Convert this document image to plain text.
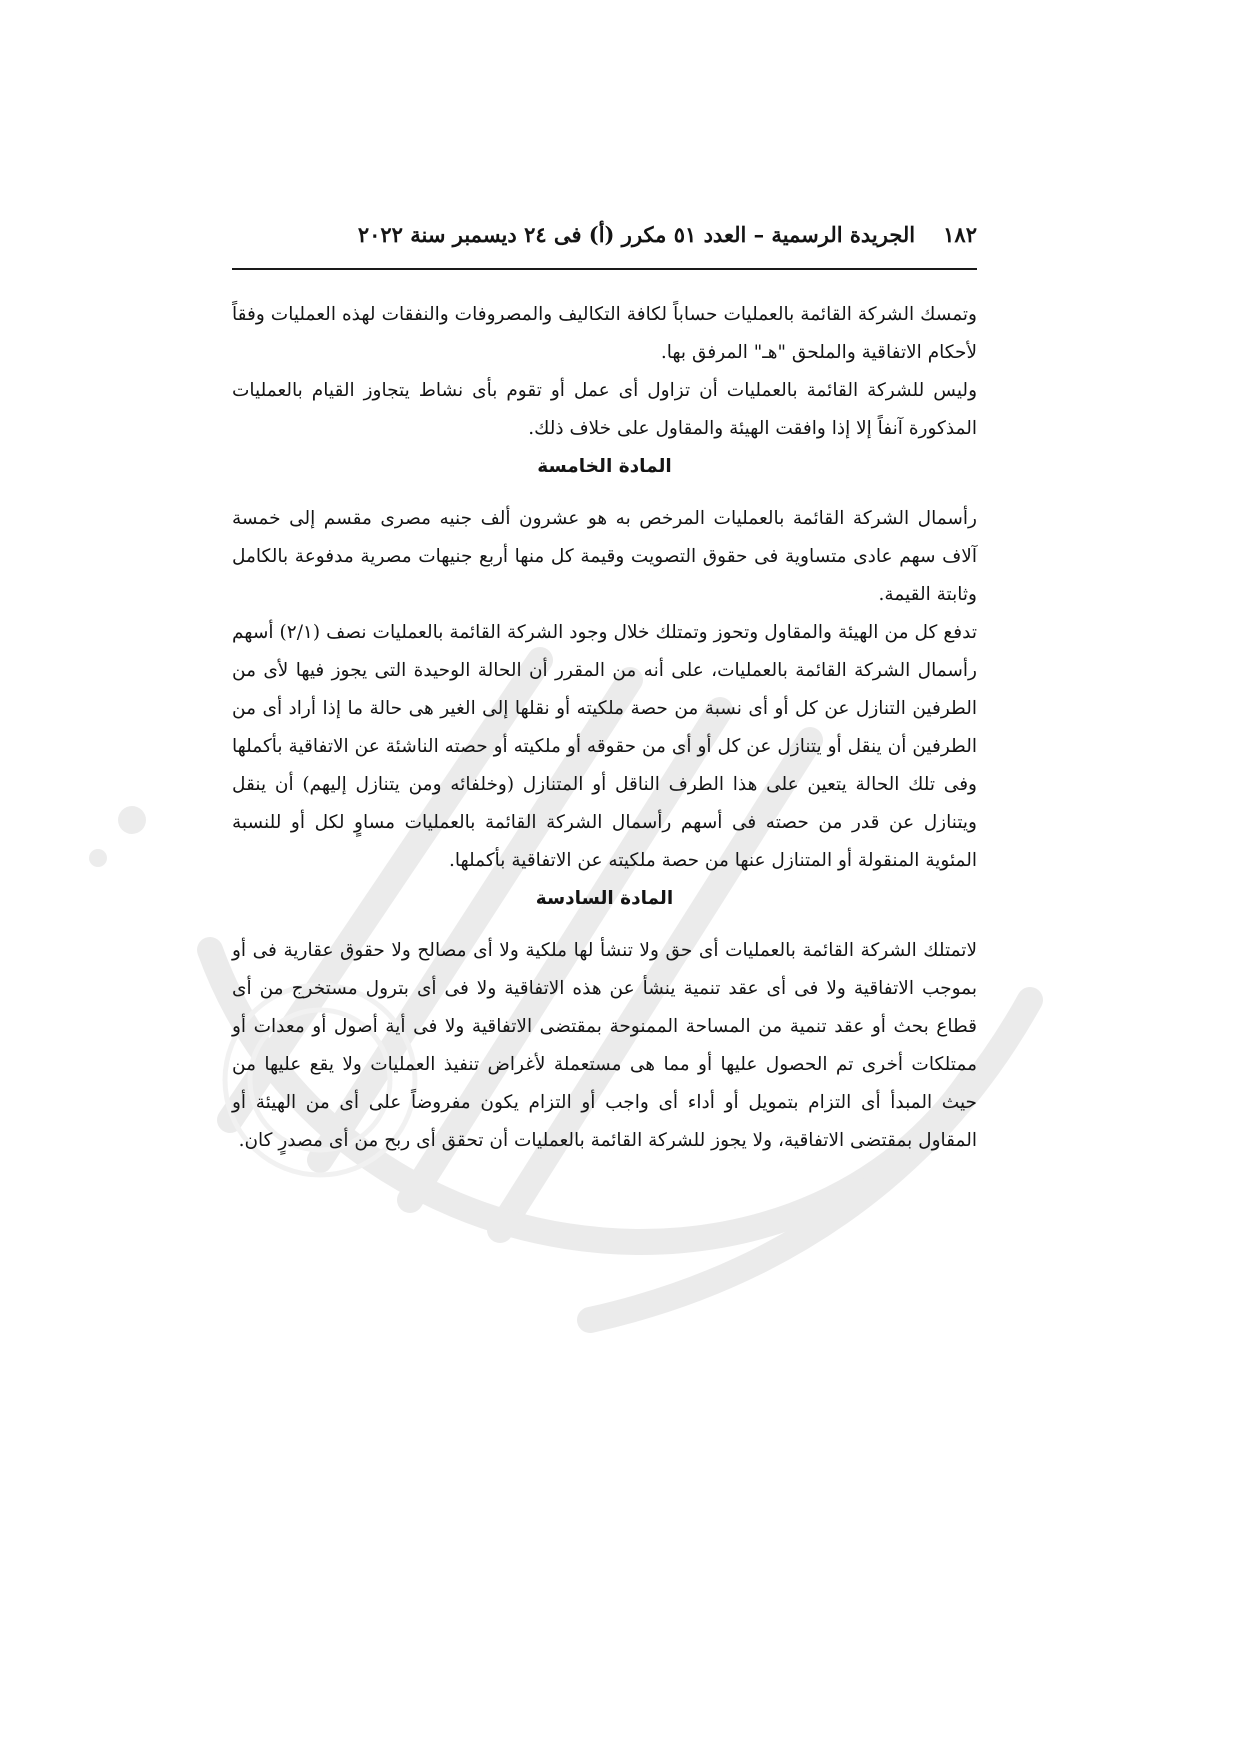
١٨٢
الجريدة الرسمية – العدد ٥١ مكرر (أ) فى ٢٤ ديسمبر سنة ٢٠٢٢

وتمسك الشركة القائمة بالعمليات حساباً لكافة التكاليف والمصروفات والنفقات لهذه العمليات وفقاً لأحكام الاتفاقية والملحق "هـ" المرفق بها.

وليس للشركة القائمة بالعمليات أن تزاول أى عمل أو تقوم بأى نشاط يتجاوز القيام بالعمليات المذكورة آنفاً إلا إذا وافقت الهيئة والمقاول على خلاف ذلك.

المادة الخامسة

رأسمال الشركة القائمة بالعمليات المرخص به هو عشرون ألف جنيه مصرى مقسم إلى خمسة آلاف سهم عادى متساوية فى حقوق التصويت وقيمة كل منها أربع جنيهات مصرية مدفوعة بالكامل وثابتة القيمة.

تدفع كل من الهيئة والمقاول وتحوز وتمتلك خلال وجود الشركة القائمة بالعمليات نصف (٢/١) أسهم رأسمال الشركة القائمة بالعمليات، على أنه من المقرر أن الحالة الوحيدة التى يجوز فيها لأى من الطرفين التنازل عن كل أو أى نسبة من حصة ملكيته أو نقلها إلى الغير هى حالة ما إذا أراد أى من الطرفين أن ينقل أو يتنازل عن كل أو أى من حقوقه أو ملكيته أو حصته الناشئة عن الاتفاقية بأكملها وفى تلك الحالة يتعين على هذا الطرف الناقل أو المتنازل (وخلفائه ومن يتنازل إليهم) أن ينقل ويتنازل عن قدر من حصته فى أسهم رأسمال الشركة القائمة بالعمليات مساوٍ لكل أو للنسبة المئوية المنقولة أو المتنازل عنها من حصة ملكيته عن الاتفاقية بأكملها.

المادة السادسة

لاتمتلك الشركة القائمة بالعمليات أى حق ولا تنشأ لها ملكية ولا أى مصالح ولا حقوق عقارية فى أو بموجب الاتفاقية ولا فى أى عقد تنمية ينشأ عن هذه الاتفاقية ولا فى أى بترول مستخرج من أى قطاع بحث أو عقد تنمية من المساحة الممنوحة بمقتضى الاتفاقية ولا فى أية أصول أو معدات أو ممتلكات أخرى تم الحصول عليها أو مما هى مستعملة لأغراض تنفيذ العمليات ولا يقع عليها من حيث المبدأ أى التزام بتمويل أو أداء أى واجب أو التزام يكون مفروضاً على أى من الهيئة أو المقاول بمقتضى الاتفاقية، ولا يجوز للشركة القائمة بالعمليات أن تحقق أى ربح من أى مصدرٍ كان.
